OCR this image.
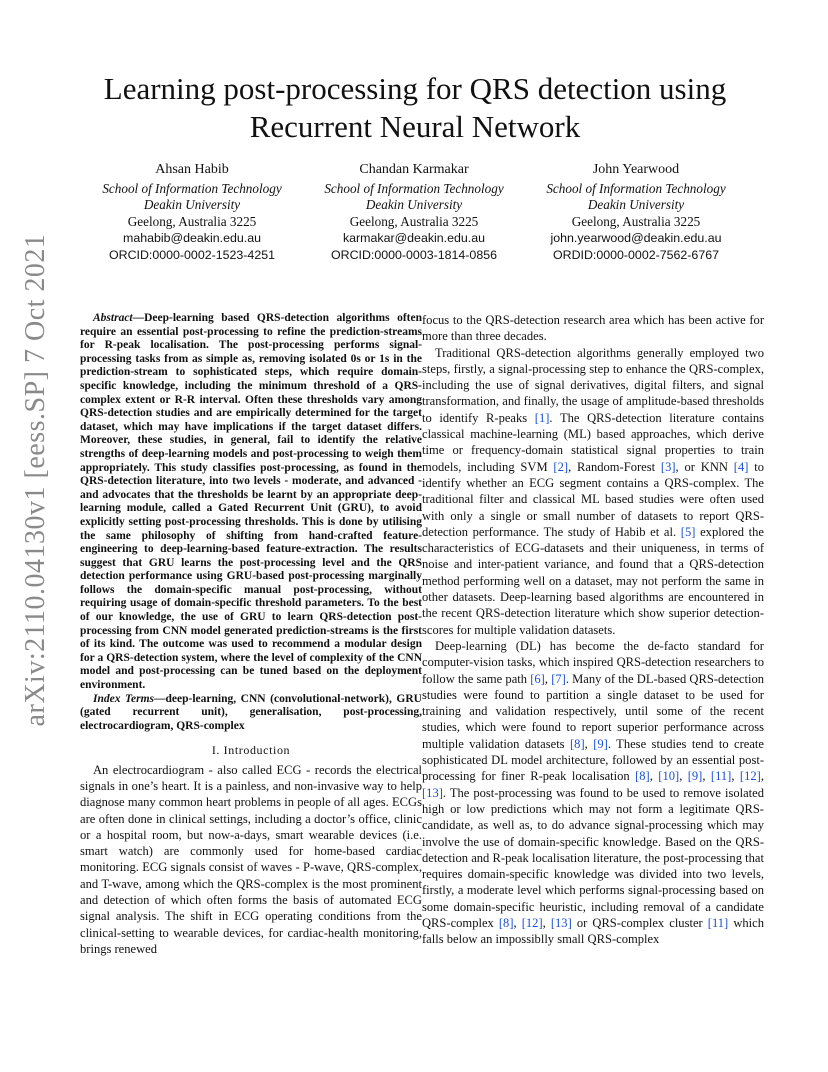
arXiv:2110.04130v1 [eess.SP] 7 Oct 2021
Learning post-processing for QRS detection using
Recurrent Neural Network
Ahsan Habib
School of Information Technology
Deakin University
Geelong, Australia 3225
mahabib@deakin.edu.au
ORCID:0000-0002-1523-4251
Chandan Karmakar
School of Information Technology
Deakin University
Geelong, Australia 3225
karmakar@deakin.edu.au
ORCID:0000-0003-1814-0856
John Yearwood
School of Information Technology
Deakin University
Geelong, Australia 3225
john.yearwood@deakin.edu.au
ORDID:0000-0002-7562-6767

Abstract—Deep-learning based QRS-detection algorithms often require an essential post-processing to refine the prediction-streams for R-peak localisation. The post-processing performs signal-processing tasks from as simple as, removing isolated 0s or 1s in the prediction-stream to sophisticated steps, which require domain-specific knowledge, including the minimum threshold of a QRS-complex extent or R-R interval. Often these thresholds vary among QRS-detection studies and are empirically determined for the target dataset, which may have implications if the target dataset differs. Moreover, these studies, in general, fail to identify the relative strengths of deep-learning models and post-processing to weigh them appropriately. This study classifies post-processing, as found in the QRS-detection literature, into two levels - moderate, and advanced - and advocates that the thresholds be learnt by an appropriate deep-learning module, called a Gated Recurrent Unit (GRU), to avoid explicitly setting post-processing thresholds. This is done by utilising the same philosophy of shifting from hand-crafted feature-engineering to deep-learning-based feature-extraction. The results suggest that GRU learns the post-processing level and the QRS detection performance using GRU-based post-processing marginally follows the domain-specific manual post-processing, without requiring usage of domain-specific threshold parameters. To the best of our knowledge, the use of GRU to learn QRS-detection post-processing from CNN model generated prediction-streams is the first of its kind. The outcome was used to recommend a modular design for a QRS-detection system, where the level of complexity of the CNN model and post-processing can be tuned based on the deployment environment.

Index Terms—deep-learning, CNN (convolutional-network), GRU (gated recurrent unit), generalisation, post-processing, electrocardiogram, QRS-complex

I. Introduction

An electrocardiogram - also called ECG - records the electrical signals in one’s heart. It is a painless, and non-invasive way to help diagnose many common heart problems in people of all ages. ECGs are often done in clinical settings, including a doctor’s office, clinic or a hospital room, but now-a-days, smart wearable devices (i.e. smart watch) are commonly used for home-based cardiac monitoring. ECG signals consist of waves - P-wave, QRS-complex, and T-wave, among which the QRS-complex is the most prominent and detection of which often forms the basis of automated ECG signal analysis. The shift in ECG operating conditions from the clinical-setting to wearable devices, for cardiac-health monitoring, brings renewed

focus to the QRS-detection research area which has been active for more than three decades.

Traditional QRS-detection algorithms generally employed two steps, firstly, a signal-processing step to enhance the QRS-complex, including the use of signal derivatives, digital filters, and signal transformation, and finally, the usage of amplitude-based thresholds to identify R-peaks [1]. The QRS-detection literature contains classical machine-learning (ML) based approaches, which derive time or frequency-domain statistical signal properties to train models, including SVM [2], Random-Forest [3], or KNN [4] to identify whether an ECG segment contains a QRS-complex. The traditional filter and classical ML based studies were often used with only a single or small number of datasets to report QRS-detection performance. The study of Habib et al. [5] explored the characteristics of ECG-datasets and their uniqueness, in terms of noise and inter-patient variance, and found that a QRS-detection method performing well on a dataset, may not perform the same in other datasets. Deep-learning based algorithms are encountered in the recent QRS-detection literature which show superior detection-scores for multiple validation datasets.

Deep-learning (DL) has become the de-facto standard for computer-vision tasks, which inspired QRS-detection researchers to follow the same path [6], [7]. Many of the DL-based QRS-detection studies were found to partition a single dataset to be used for training and validation respectively, until some of the recent studies, which were found to report superior performance across multiple validation datasets [8], [9]. These studies tend to create sophisticated DL model architecture, followed by an essential post-processing for finer R-peak localisation [8], [10], [9], [11], [12], [13]. The post-processing was found to be used to remove isolated high or low predictions which may not form a legitimate QRS-candidate, as well as, to do advance signal-processing which may involve the use of domain-specific knowledge. Based on the QRS-detection and R-peak localisation literature, the post-processing that requires domain-specific knowledge was divided into two levels, firstly, a moderate level which performs signal-processing based on some domain-specific heuristic, including removal of a candidate QRS-complex [8], [12], [13] or QRS-complex cluster [11] which falls below an impossiblly small QRS-complex
